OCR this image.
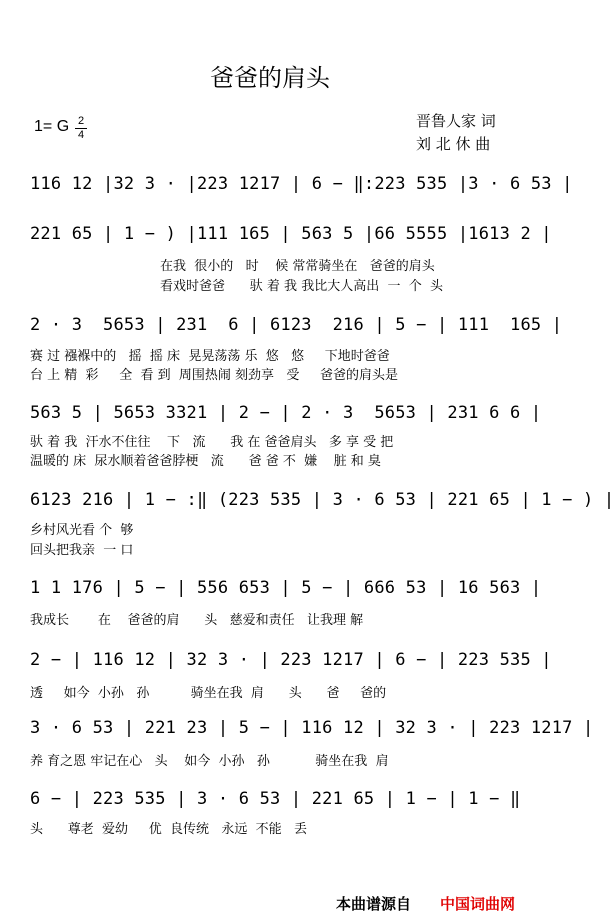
爸爸的肩头
1= G 2
4
晋鲁人家 词
刘 北 休 曲
116 12 |32 3 · |223 1217 | 6 − ‖:223 535 |3 · 6 53 |
221 65 | 1 − ) |111 165 | 563 5 |66 5555 |1613 2 |
在我  很小的   时    候 常常骑坐在   爸爸的肩头
看戏时爸爸      驮 着 我 我比大人高出  一  个  头
2 · 3  5653 | 231  6 | 6123  216 | 5 − | 111  165 |
赛 过 襁褓中的   摇  摇 床  晃晃荡荡 乐  悠   悠     下地时爸爸
台 上 精  彩     全  看 到  周围热闹 刻劲享   受     爸爸的肩头是
563 5 | 5653 3321 | 2 − | 2 · 3  5653 | 231 6 6 |
驮 着 我  汗水不住往    下   流      我 在 爸爸肩头   多 享 受 把
温暖的 床  尿水顺着爸爸脖梗   流      爸 爸 不  嫌    脏 和 臭
6123 216 | 1 − :‖ (223 535 | 3 · 6 53 | 221 65 | 1 − ) |
乡村风光看 个  够
回头把我亲  一 口
1 1 176 | 5 − | 556 653 | 5 − | 666 53 | 16 563 |
我成长       在    爸爸的肩      头   慈爱和责任   让我理 解
2 − | 116 12 | 32 3 · | 223 1217 | 6 − | 223 535 |
透     如今  小孙   孙          骑坐在我  肩      头      爸     爸的
3 · 6 53 | 221 23 | 5 − | 116 12 | 32 3 · | 223 1217 |
养 育之恩 牢记在心   头    如今  小孙   孙           骑坐在我  肩
6 − | 223 535 | 3 · 6 53 | 221 65 | 1 − | 1 − ‖
头      尊老  爱幼     优  良传统   永远  不能   丢
本曲谱源自 中国词曲网
